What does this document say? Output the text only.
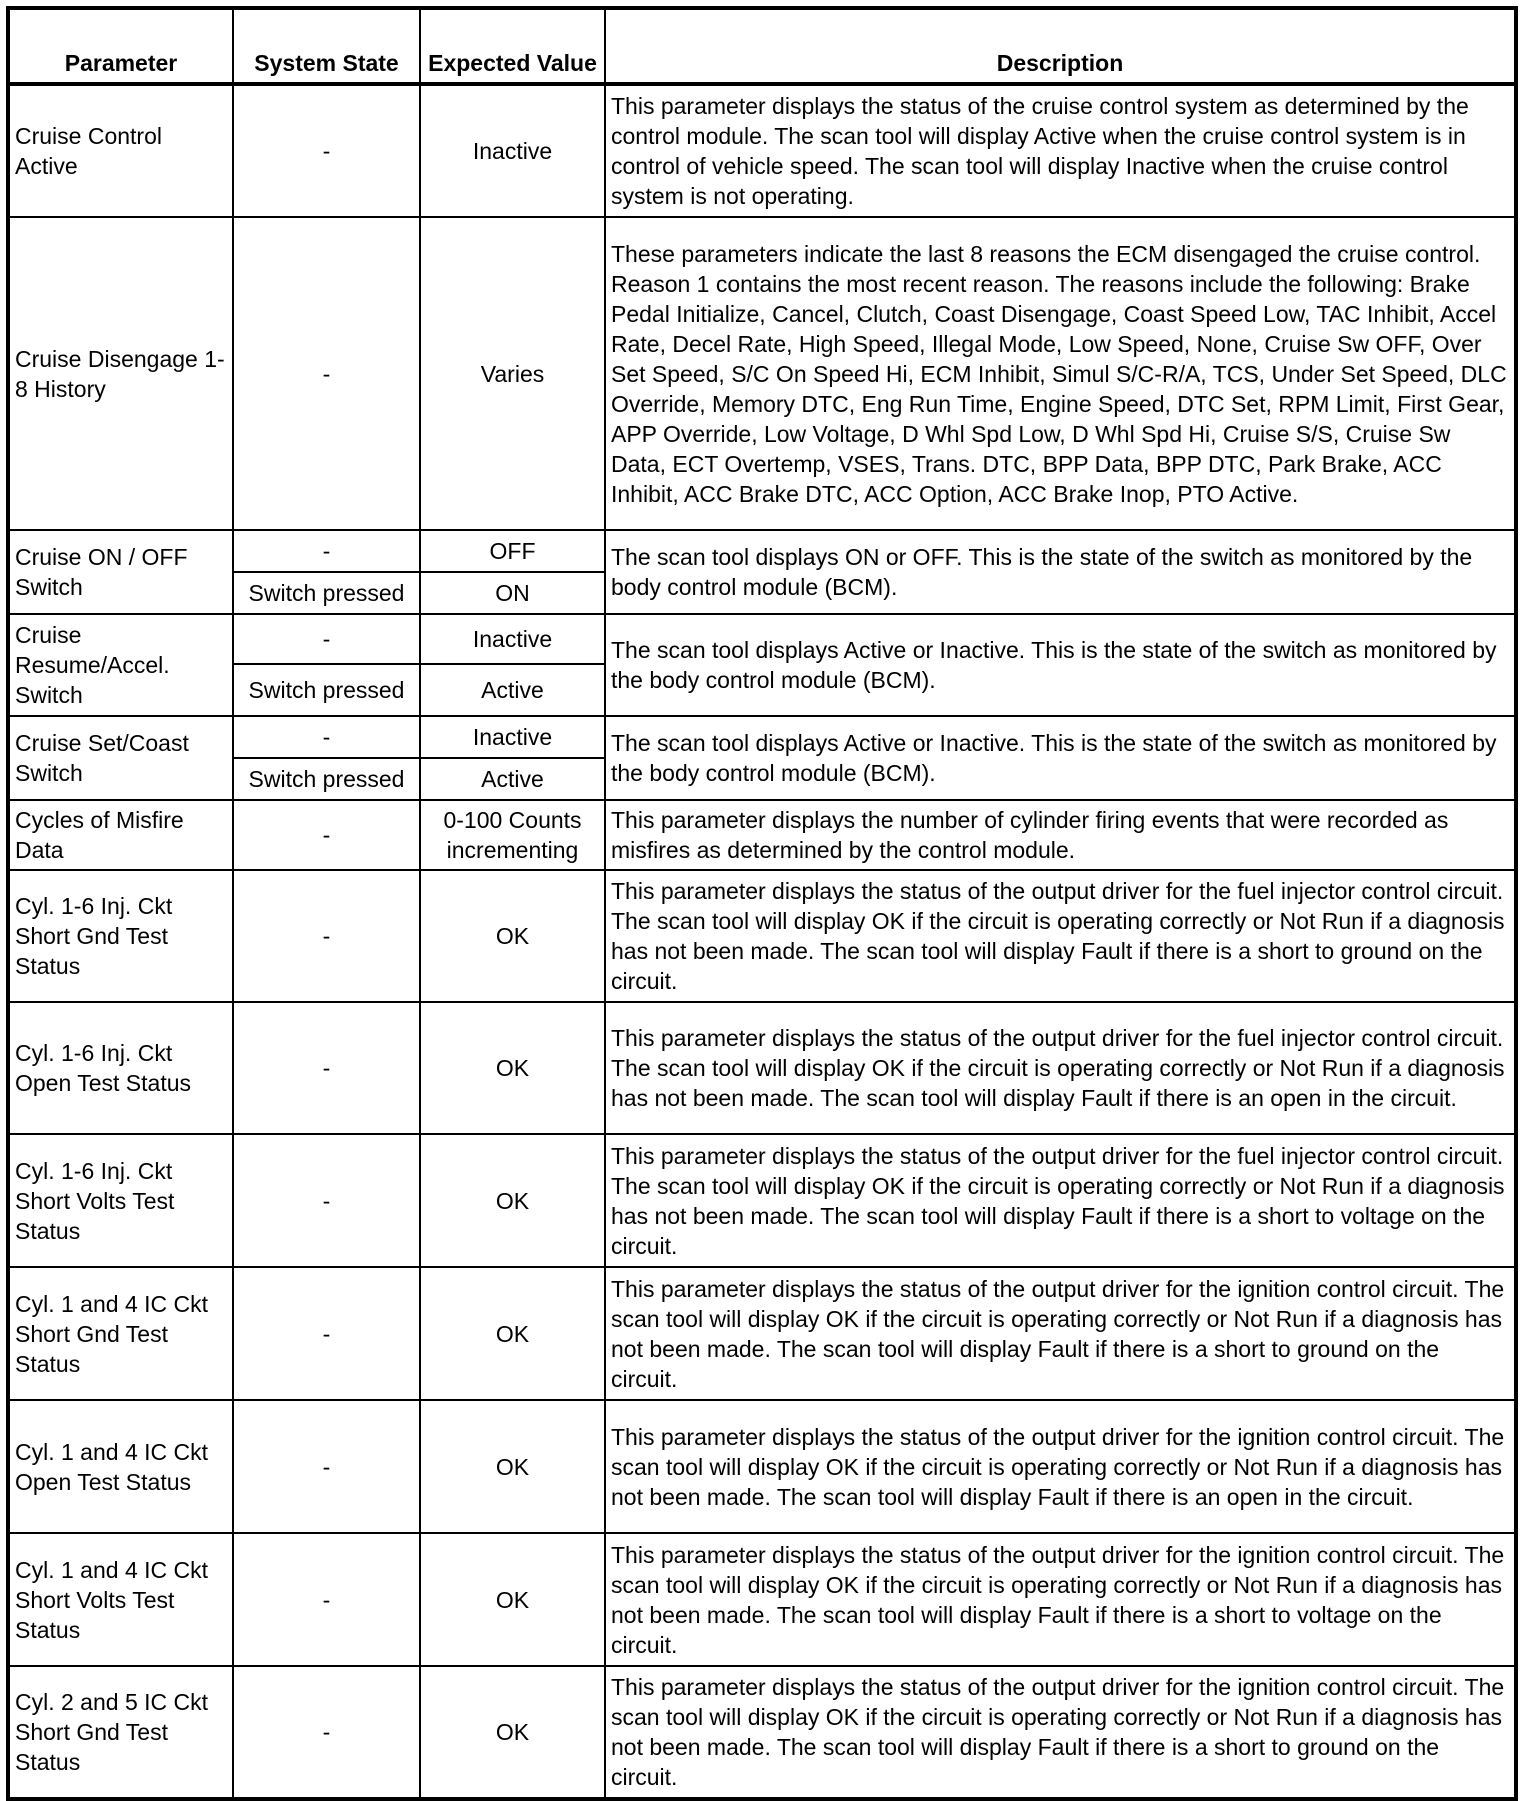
Parameter	System State	Expected Value	Description
Cruise Control Active	-	Inactive	This parameter displays the status of the cruise control system as determined by the control module. The scan tool will display Active when the cruise control system is in control of vehicle speed. The scan tool will display Inactive when the cruise control system is not operating.
Cruise Disengage 1-8 History	-	Varies	These parameters indicate the last 8 reasons the ECM disengaged the cruise control. Reason 1 contains the most recent reason. The reasons include the following: Brake Pedal Initialize, Cancel, Clutch, Coast Disengage, Coast Speed Low, TAC Inhibit, Accel Rate, Decel Rate, High Speed, Illegal Mode, Low Speed, None, Cruise Sw OFF, Over Set Speed, S/C On Speed Hi, ECM Inhibit, Simul S/C-R/A, TCS, Under Set Speed, DLC Override, Memory DTC, Eng Run Time, Engine Speed, DTC Set, RPM Limit, First Gear, APP Override, Low Voltage, D Whl Spd Low, D Whl Spd Hi, Cruise S/S, Cruise Sw Data, ECT Overtemp, VSES, Trans. DTC, BPP Data, BPP DTC, Park Brake, ACC Inhibit, ACC Brake DTC, ACC Option, ACC Brake Inop, PTO Active.
Cruise ON / OFF Switch	-	OFF	The scan tool displays ON or OFF. This is the state of the switch as monitored by the body control module (BCM).
	Switch pressed	ON	
Cruise Resume/Accel. Switch	-	Inactive	The scan tool displays Active or Inactive. This is the state of the switch as monitored by the body control module (BCM).
	Switch pressed	Active	
Cruise Set/Coast Switch	-	Inactive	The scan tool displays Active or Inactive. This is the state of the switch as monitored by the body control module (BCM).
	Switch pressed	Active	
Cycles of Misfire Data	-	0-100 Counts incrementing	This parameter displays the number of cylinder firing events that were recorded as misfires as determined by the control module.
Cyl. 1-6 Inj. Ckt Short Gnd Test Status	-	OK	This parameter displays the status of the output driver for the fuel injector control circuit. The scan tool will display OK if the circuit is operating correctly or Not Run if a diagnosis has not been made. The scan tool will display Fault if there is a short to ground on the circuit.
Cyl. 1-6 Inj. Ckt Open Test Status	-	OK	This parameter displays the status of the output driver for the fuel injector control circuit. The scan tool will display OK if the circuit is operating correctly or Not Run if a diagnosis has not been made. The scan tool will display Fault if there is an open in the circuit.
Cyl. 1-6 Inj. Ckt Short Volts Test Status	-	OK	This parameter displays the status of the output driver for the fuel injector control circuit. The scan tool will display OK if the circuit is operating correctly or Not Run if a diagnosis has not been made. The scan tool will display Fault if there is a short to voltage on the circuit.
Cyl. 1 and 4 IC Ckt Short Gnd Test Status	-	OK	This parameter displays the status of the output driver for the ignition control circuit. The scan tool will display OK if the circuit is operating correctly or Not Run if a diagnosis has not been made. The scan tool will display Fault if there is a short to ground on the circuit.
Cyl. 1 and 4 IC Ckt Open Test Status	-	OK	This parameter displays the status of the output driver for the ignition control circuit. The scan tool will display OK if the circuit is operating correctly or Not Run if a diagnosis has not been made. The scan tool will display Fault if there is an open in the circuit.
Cyl. 1 and 4 IC Ckt Short Volts Test Status	-	OK	This parameter displays the status of the output driver for the ignition control circuit. The scan tool will display OK if the circuit is operating correctly or Not Run if a diagnosis has not been made. The scan tool will display Fault if there is a short to voltage on the circuit.
Cyl. 2 and 5 IC Ckt Short Gnd Test Status	-	OK	This parameter displays the status of the output driver for the ignition control circuit. The scan tool will display OK if the circuit is operating correctly or Not Run if a diagnosis has not been made. The scan tool will display Fault if there is a short to ground on the circuit.
